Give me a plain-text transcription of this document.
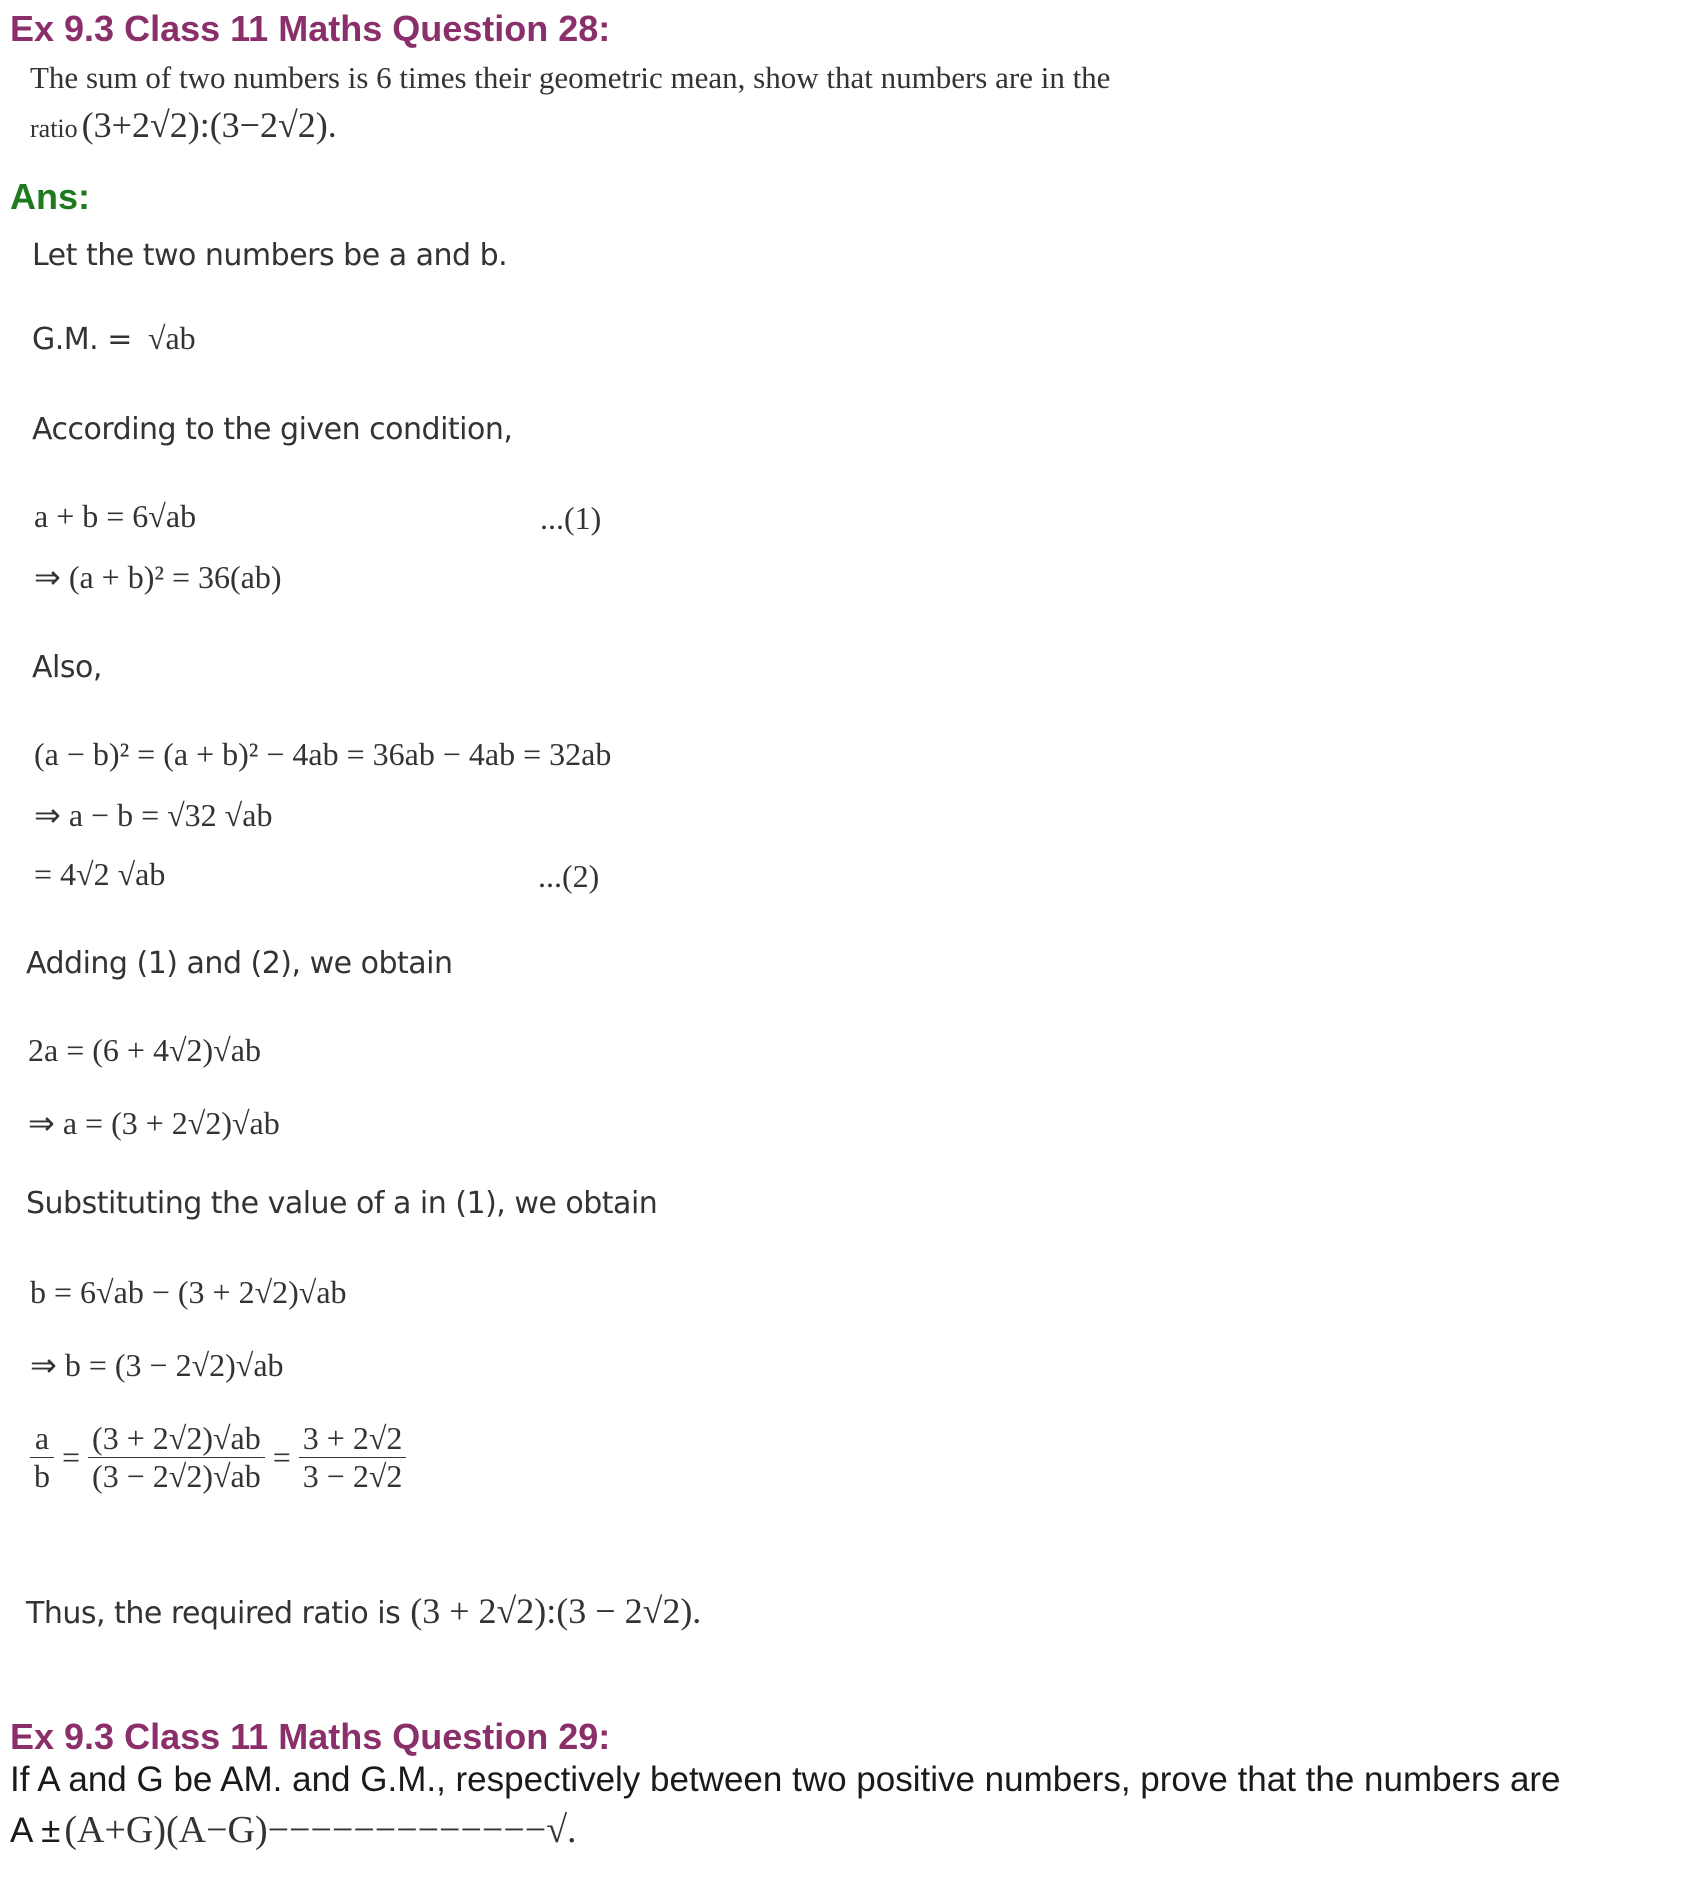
Ex 9.3 Class 11 Maths Question 28:
The sum of two numbers is 6 times their geometric mean, show that numbers are in the
ratio (3+2√2):(3−2√2).
Ans:
Let the two numbers be a and b.
G.M. = √ab
According to the given condition,
a + b = 6√ab	...(1)
⇒ (a + b)² = 36(ab)
Also,
(a − b)² = (a + b)² − 4ab = 36ab − 4ab = 32ab
⇒ a − b = √32 √ab
= 4√2 √ab	...(2)
Adding (1) and (2), we obtain
2a = (6 + 4√2)√ab
⇒ a = (3 + 2√2)√ab
Substituting the value of a in (1), we obtain
b = 6√ab − (3 + 2√2)√ab
⇒ b = (3 − 2√2)√ab
$\frac{a}{b} = \frac{(3 + 2√2)√ab}{(3 - 2√2)√ab} = \frac{3 + 2√2}{3 - 2√2}$
Thus, the required ratio is (3 + 2√2):(3 − 2√2).
Ex 9.3 Class 11 Maths Question 29:
If A and G be AM. and G.M., respectively between two positive numbers, prove that the numbers are
A ± (A+G)(A−G)−−−−−−−−−−−−−√.
